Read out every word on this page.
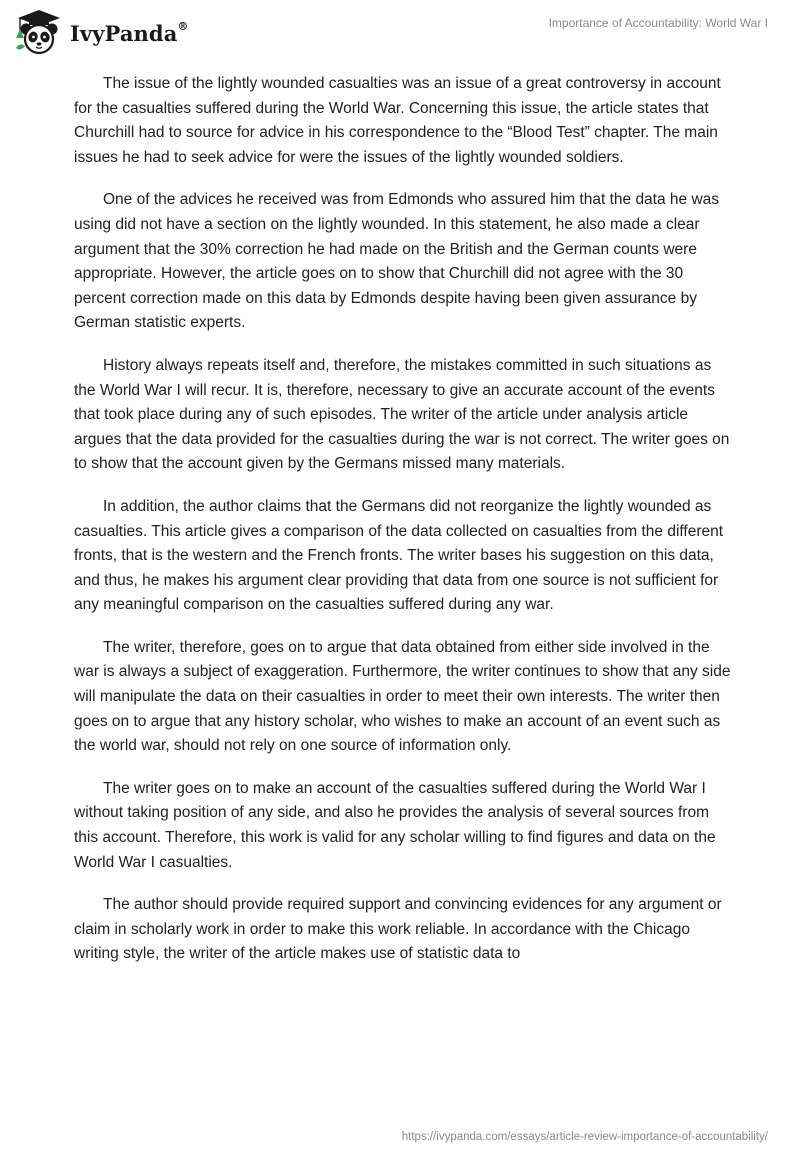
IvyPanda®	Importance of Accountability: World War I

The issue of the lightly wounded casualties was an issue of a great controversy in account for the casualties suffered during the World War. Concerning this issue, the article states that Churchill had to source for advice in his correspondence to the “Blood Test” chapter. The main issues he had to seek advice for were the issues of the lightly wounded soldiers.

One of the advices he received was from Edmonds who assured him that the data he was using did not have a section on the lightly wounded. In this statement, he also made a clear argument that the 30% correction he had made on the British and the German counts were appropriate. However, the article goes on to show that Churchill did not agree with the 30 percent correction made on this data by Edmonds despite having been given assurance by German statistic experts.

History always repeats itself and, therefore, the mistakes committed in such situations as the World War I will recur. It is, therefore, necessary to give an accurate account of the events that took place during any of such episodes. The writer of the article under analysis article argues that the data provided for the casualties during the war is not correct. The writer goes on to show that the account given by the Germans missed many materials.

In addition, the author claims that the Germans did not reorganize the lightly wounded as casualties. This article gives a comparison of the data collected on casualties from the different fronts, that is the western and the French fronts. The writer bases his suggestion on this data, and thus, he makes his argument clear providing that data from one source is not sufficient for any meaningful comparison on the casualties suffered during any war.

The writer, therefore, goes on to argue that data obtained from either side involved in the war is always a subject of exaggeration. Furthermore, the writer continues to show that any side will manipulate the data on their casualties in order to meet their own interests. The writer then goes on to argue that any history scholar, who wishes to make an account of an event such as the world war, should not rely on one source of information only.

The writer goes on to make an account of the casualties suffered during the World War I without taking position of any side, and also he provides the analysis of several sources from this account. Therefore, this work is valid for any scholar willing to find figures and data on the World War I casualties.

The author should provide required support and convincing evidences for any argument or claim in scholarly work in order to make this work reliable. In accordance with the Chicago writing style, the writer of the article makes use of statistic data to

https://ivypanda.com/essays/article-review-importance-of-accountability/
